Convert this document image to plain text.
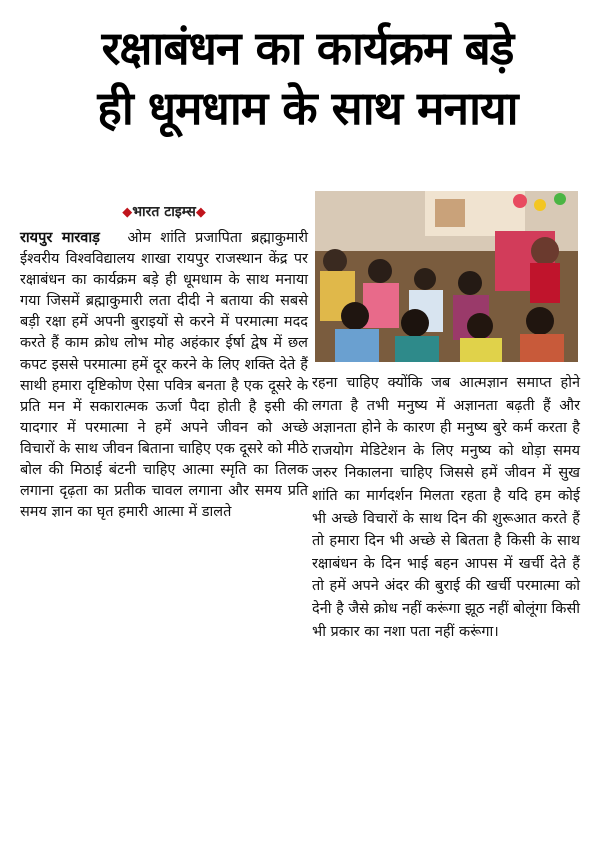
रक्षाबंधन का कार्यक्रम बड़े
ही धूमधाम के साथ मनाया
◆भारत टाइम्स◆
रायपुर मारवाड़ ओम शांति प्रजापिता ब्रह्माकुमारी ईश्वरीय विश्वविद्यालय शाखा रायपुर राजस्थान केंद्र पर रक्षाबंधन का कार्यक्रम बड़े ही धूमधाम के साथ मनाया गया जिसमें ब्रह्माकुमारी लता दीदी ने बताया की सबसे बड़ी रक्षा हमें अपनी बुराइयों से करने में परमात्मा मदद करते हैं काम क्रोध लोभ मोह अहंकार ईर्षा द्वेष में छल कपट इससे परमात्मा हमें दूर करने के लिए शक्ति देते हैं साथी हमारा दृष्टिकोण ऐसा पवित्र बनता है एक दूसरे के प्रति मन में सकारात्मक ऊर्जा पैदा होती है इसी की यादगार में परमात्मा ने हमें अपने जीवन को अच्छे विचारों के साथ जीवन बिताना चाहिए एक दूसरे को मीठे बोल की मिठाई बंटनी चाहिए आत्मा स्मृति का तिलक लगाना दृढ़ता का प्रतीक चावल लगाना और समय प्रति समय ज्ञान का घृत हमारी आत्मा में डालते
रहना चाहिए क्योंकि जब आत्मज्ञान समाप्त होने लगता है तभी मनुष्य में अज्ञानता बढ़ती हैं और अज्ञानता होने के कारण ही मनुष्य बुरे कर्म करता है राजयोग मेडिटेशन के लिए मनुष्य को थोड़ा समय जरुर निकालना चाहिए जिससे हमें जीवन में सुख शांति का मार्गदर्शन मिलता रहता है यदि हम कोई भी अच्छे विचारों के साथ दिन की शुरूआत करते हैं तो हमारा दिन भी अच्छे से बितता है किसी के साथ रक्षाबंधन के दिन भाई बहन आपस में खर्ची देते हैं तो हमें अपने अंदर की बुराई की खर्ची परमात्मा को देनी है जैसे क्रोध नहीं करूंगा झूठ नहीं बोलूंगा किसी भी प्रकार का नशा पता नहीं करूंगा।
